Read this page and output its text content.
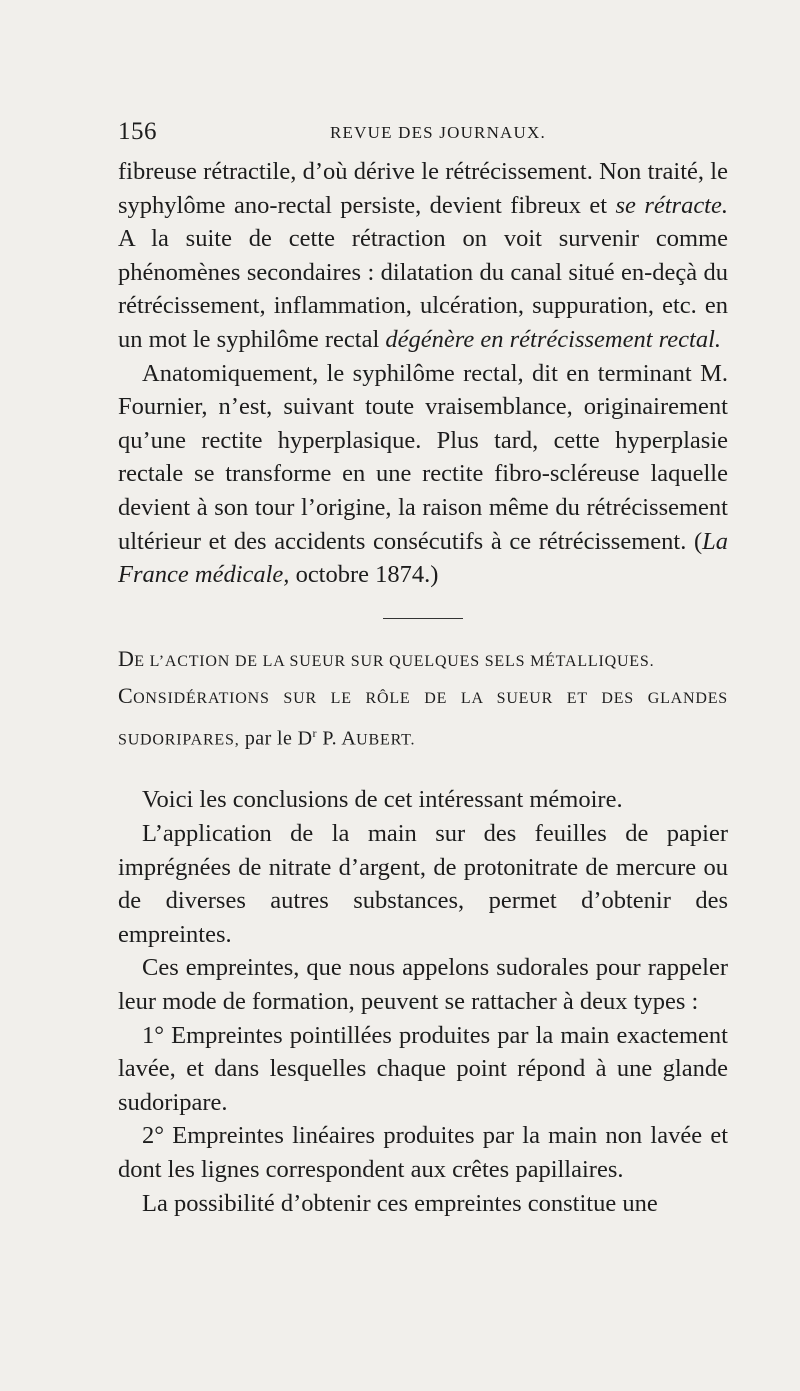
156	REVUE DES JOURNAUX.

fibreuse rétractile, d’où dérive le rétrécissement. Non traité, le syphylôme ano-rectal persiste, devient fibreux et se rétracte. A la suite de cette rétraction on voit survenir comme phénomènes secondaires : dilatation du canal situé en-deçà du rétrécissement, inflammation, ulcération, suppuration, etc. en un mot le syphilôme rectal dégénère en rétrécissement rectal.

Anatomiquement, le syphilôme rectal, dit en terminant M. Fournier, n’est, suivant toute vraisemblance, originairement qu’une rectite hyperplasique. Plus tard, cette hyperplasie rectale se transforme en une rectite fibro-scléreuse laquelle devient à son tour l’origine, la raison même du rétrécissement ultérieur et des accidents consécutifs à ce rétrécissement. (La France médicale, octobre 1874.)

DE L’ACTION DE LA SUEUR SUR QUELQUES SELS MÉTALLIQUES.
CONSIDÉRATIONS SUR LE RÔLE DE LA SUEUR ET DES GLANDES SUDORIPARES, par le $D^r$ P. AUBERT.

Voici les conclusions de cet intéressant mémoire.

L’application de la main sur des feuilles de papier imprégnées de nitrate d’argent, de protonitrate de mercure ou de diverses autres substances, permet d’obtenir des empreintes.

Ces empreintes, que nous appelons sudorales pour rappeler leur mode de formation, peuvent se rattacher à deux types :

1° Empreintes pointillées produites par la main exactement lavée, et dans lesquelles chaque point répond à une glande sudoripare.

2° Empreintes linéaires produites par la main non lavée et dont les lignes correspondent aux crêtes papillaires.

La possibilité d’obtenir ces empreintes constitue une
